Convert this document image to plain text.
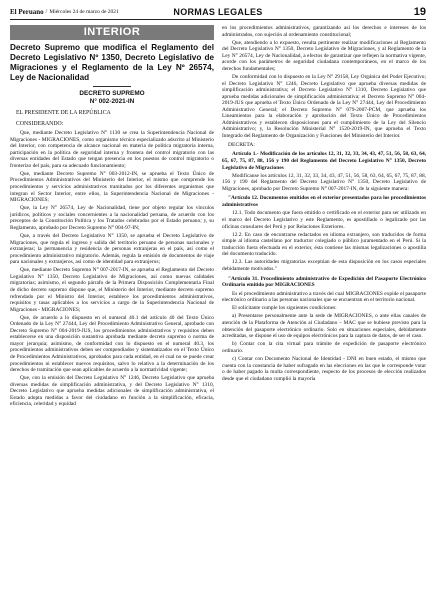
El Peruano / Miércoles 24 de marzo de 2021	NORMAS LEGALES	19
INTERIOR
Decreto Supremo que modifica el Reglamento del Decreto Legislativo Nº 1350, Decreto Legislativo de Migraciones y el Reglamento de la Ley Nº 26574, Ley de Nacionalidad
DECRETO SUPREMO
N° 002-2021-IN
EL PRESIDENTE DE LA REPÚBLICA
CONSIDERANDO:

Que, mediante Decreto Legislativo N° 1130 se crea la Superintendencia Nacional de Migraciones - MIGRACIONES, como organismo técnico especializado adscrito al Ministerio del Interior, con competencia de alcance nacional en materia de política migratoria interna, participación en la política de seguridad interna y frontera del control migratorio con las diversas entidades del Estado que tengan presencia en los puestos de control migratorio o fronterizo del país, para su adecuado funcionamiento;

Que, mediante Decreto Supremo N° 003-2012-IN, se aprueba el Texto Único de Procedimientos Administrativos del Ministerio del Interior, el mismo que comprende los procedimientos y servicios administrativos tramitados por los diferentes organismos que integran el Sector Interior, entre ellos, la Superintendencia Nacional de Migraciones - MIGRACIONES;

Que, la Ley N° 26574, Ley de Nacionalidad, tiene por objeto regular los vínculos jurídicos, políticos y sociales concernientes a la nacionalidad peruana, de acuerdo con los preceptos de la Constitución Política y los Tratados celebrados por el Estado peruano; y, su Reglamento, aprobado por Decreto Supremo N° 004-97-IN;

Que, a través del Decreto Legislativo N° 1350, se aprueba el Decreto Legislativo de Migraciones, que regula el ingreso y salida del territorio peruano de personas nacionales y extranjeras; la permanencia y residencia de personas extranjeras en el país, así como el procedimiento administrativo migratorio. Además, regula la emisión de documentos de viaje para nacionales y extranjeros, así como de identidad para extranjeros;

Que, mediante Decreto Supremo N° 007-2017-IN, se aprueba el Reglamento del Decreto Legislativo N° 1350, Decreto Legislativo de Migraciones, así como nuevas calidades migratorias; asimismo, el segundo párrafo de la Primera Disposición Complementaria Final de dicho decreto supremo dispone que, el Ministerio del Interior, mediante decreto supremo refrendado por el Ministro del Interior, establece los procedimientos administrativos, requisitos y tasas aplicables a los servicios a cargo de la Superintendencia Nacional de Migraciones - MIGRACIONES;

Que, de acuerdo a lo dispuesto en el numeral 40.1 del artículo 40 del Texto Único Ordenado de la Ley N° 27444, Ley del Procedimiento Administrativo General, aprobado con Decreto Supremo N° 004-2019-JUS, los procedimientos administrativos y requisitos deben establecerse en una disposición sustantiva aprobada mediante decreto supremo o norma de mayor jerarquía; asimismo, de conformidad con lo dispuesto en el numeral 40.3, los procedimientos administrativos deben ser compendiados y sistematizados en el Texto Único de Procedimientos Administrativos, aprobados para cada entidad, en el cual no se puede crear procedimientos ni establecer nuevos requisitos, salvo lo relativo a la determinación de los derechos de tramitación que sean aplicables de acuerdo a la normatividad vigente;

Que, con la emisión del Decreto Legislativo N° 1246, Decreto Legislativo que aprueba diversas medidas de simplificación administrativa, y del Decreto Legislativo N° 1310, Decreto Legislativo que aprueba medidas adicionales de simplificación administrativa, el Estado adopta medidas a favor del ciudadano en función a la simplificación, eficacia, eficiencia, celeridad y equidad

en los procedimientos administrativos, garantizando así los derechos e intereses de los administrados, con sujeción al ordenamiento constitucional;

Que, atendiendo a lo expuesto, resulta pertinente realizar modificaciones al Reglamento del Decreto Legislativo N° 1350, Decreto Legislativo de Migraciones, y al Reglamento de la Ley N° 26574, Ley de Nacionalidad, a efectos de garantizar que reflejen la normativa vigente, acorde con los parámetros de seguridad ciudadana contemporáneos, en el marco de los derechos fundamentales;

De conformidad con lo dispuesto en la Ley N° 29158, Ley Orgánica del Poder Ejecutivo; el Decreto Legislativo N° 1246, Decreto Legislativo que aprueba diversas medidas de simplificación administrativa; el Decreto Legislativo N° 1310, Decreto Legislativo que aprueba medidas adicionales de simplificación administrativa; el Decreto Supremo N° 004-2019-JUS que aprueba el Texto Único Ordenado de la Ley N° 27444, Ley del Procedimiento Administrativo General; el Decreto Supremo N° 079-2007-PCM, que aprueba los Lineamientos para la elaboración y aprobación del Texto Único de Procedimientos Administrativos y establecen disposiciones para el cumplimiento de la Ley del Silencio Administrativo; y, la Resolución Ministerial N° 1520-2019-IN, que aprueba el Texto Integrado del Reglamento de Organización y Funciones del Ministerio del Interior.

DECRETA:

Artículo 1.- Modificación de los artículos 12, 31, 32, 33, 34, 43, 47, 51, 56, 58, 63, 64, 65, 67, 75, 87, 88, 156 y 190 del Reglamento del Decreto Legislativo N° 1350, Decreto Legislativo de Migraciones

Modifícanse los artículos 12, 31, 32, 33, 34, 43, 47, 51, 56, 58, 63, 64, 65, 67, 75, 87, 88, 156 y 190 del Reglamento del Decreto Legislativo N° 1350, Decreto Legislativo de Migraciones, aprobado por Decreto Supremo N° 007-2017-IN, de la siguiente manera:

"Artículo 12. Documentos emitidos en el exterior presentados para los procedimientos administrativos

12.1. Todo documento que fuera emitido o certificado en el exterior para ser utilizado en el marco del Decreto Legislativo y este Reglamento, es apostillado o legalizado por las oficinas consulares del Perú y por Relaciones Exteriores.

12.2. En caso de encontrarse redactados en idioma extranjero, son traducidos de forma simple al idioma castellano por traductor colegiado o público juramentado en el Perú. Si la traducción fuera efectuada en el exterior, ésta contiene las mismas legalizaciones o apostilla del documento traducido.

12.3. Las autoridades migratorias exceptúan de esta disposición en los casos especiales debidamente motivados."

"Artículo 31. Procedimiento administrativo de Expedición del Pasaporte Electrónico Ordinario emitido por MIGRACIONES

Es el procedimiento administrativo a través del cual MIGRACIONES expide el pasaporte electrónico ordinario a las personas nacionales que se encuentran en el territorio nacional.

El solicitante cumple los siguientes condiciones:

a) Presentarse personalmente ante la sede de MIGRACIONES, o ante ellas canales de atención de la Plataforma de Atención al Ciudadano – MAC que se hubiese previsto para la obtención del pasaporte electrónico ordinario. Solo en situaciones especiales, debidamente acreditadas, se dispone el uso de equipos electrónicos para la captura de datos, de ser el caso.

b) Contar con la cita virtual para trámite de expedición de pasaporte electrónico ordinario.

c) Contar con Documento Nacional de Identidad - DNI en buen estado, el mismo que cuenta con la constancia de haber sufragado en las elecciones en las que le corresponde votar o de haber pagado la multa correspondiente, respecto de los procesos de elección realizados desde que el ciudadano cumplió la mayoría
